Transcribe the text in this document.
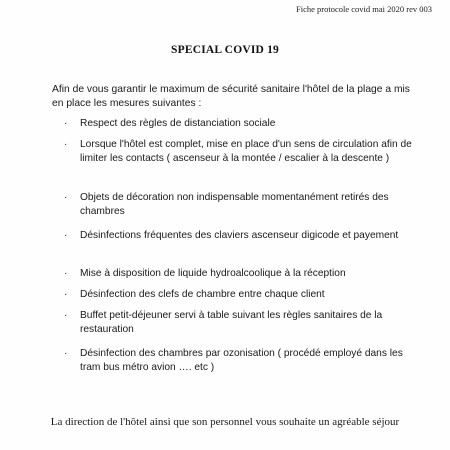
Fiche protocole covid mai 2020 rev 003
SPECIAL COVID 19
Afin de vous garantir le maximum de sécurité sanitaire l'hôtel de la plage a mis en place les mesures suivantes :
· Respect des règles de distanciation sociale
· Lorsque l'hôtel est complet, mise en place d'un sens de circulation afin de limiter les contacts ( ascenseur à la montée / escalier à la descente )
· Objets de décoration non indispensable momentanément retirés des chambres
· Désinfections fréquentes des claviers ascenseur digicode et payement
· Mise à disposition de liquide hydroalcoolique à la réception
· Désinfection des clefs de chambre entre chaque client
· Buffet petit-déjeuner servi à table suivant les règles sanitaires de la restauration
· Désinfection des chambres par ozonisation ( procédé employé dans les tram bus métro avion …. etc )
La direction de l'hôtel ainsi que son personnel vous souhaite un agréable séjour
